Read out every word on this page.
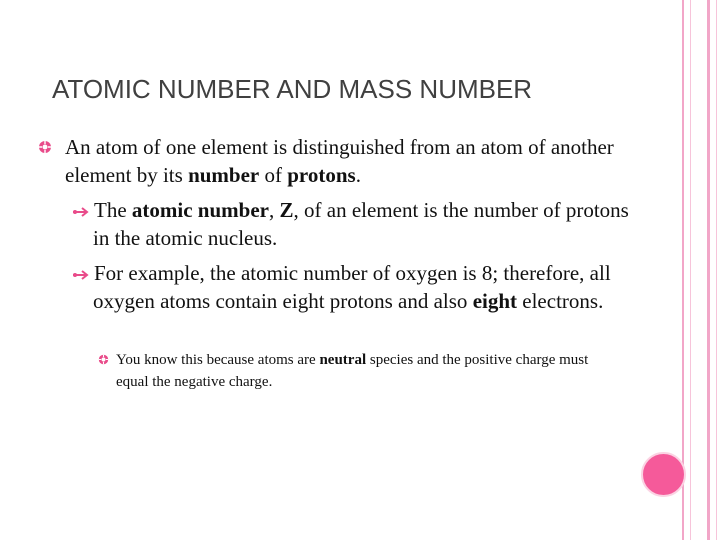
ATOMIC NUMBER AND MASS NUMBER
An atom of one element is distinguished from an atom of another element by its number of protons.
The atomic number, Z, of an element is the number of protons in the atomic nucleus.
For example, the atomic number of oxygen is 8; therefore, all oxygen atoms contain eight protons and also eight electrons.
You know this because atoms are neutral species and the positive charge must equal the negative charge.
